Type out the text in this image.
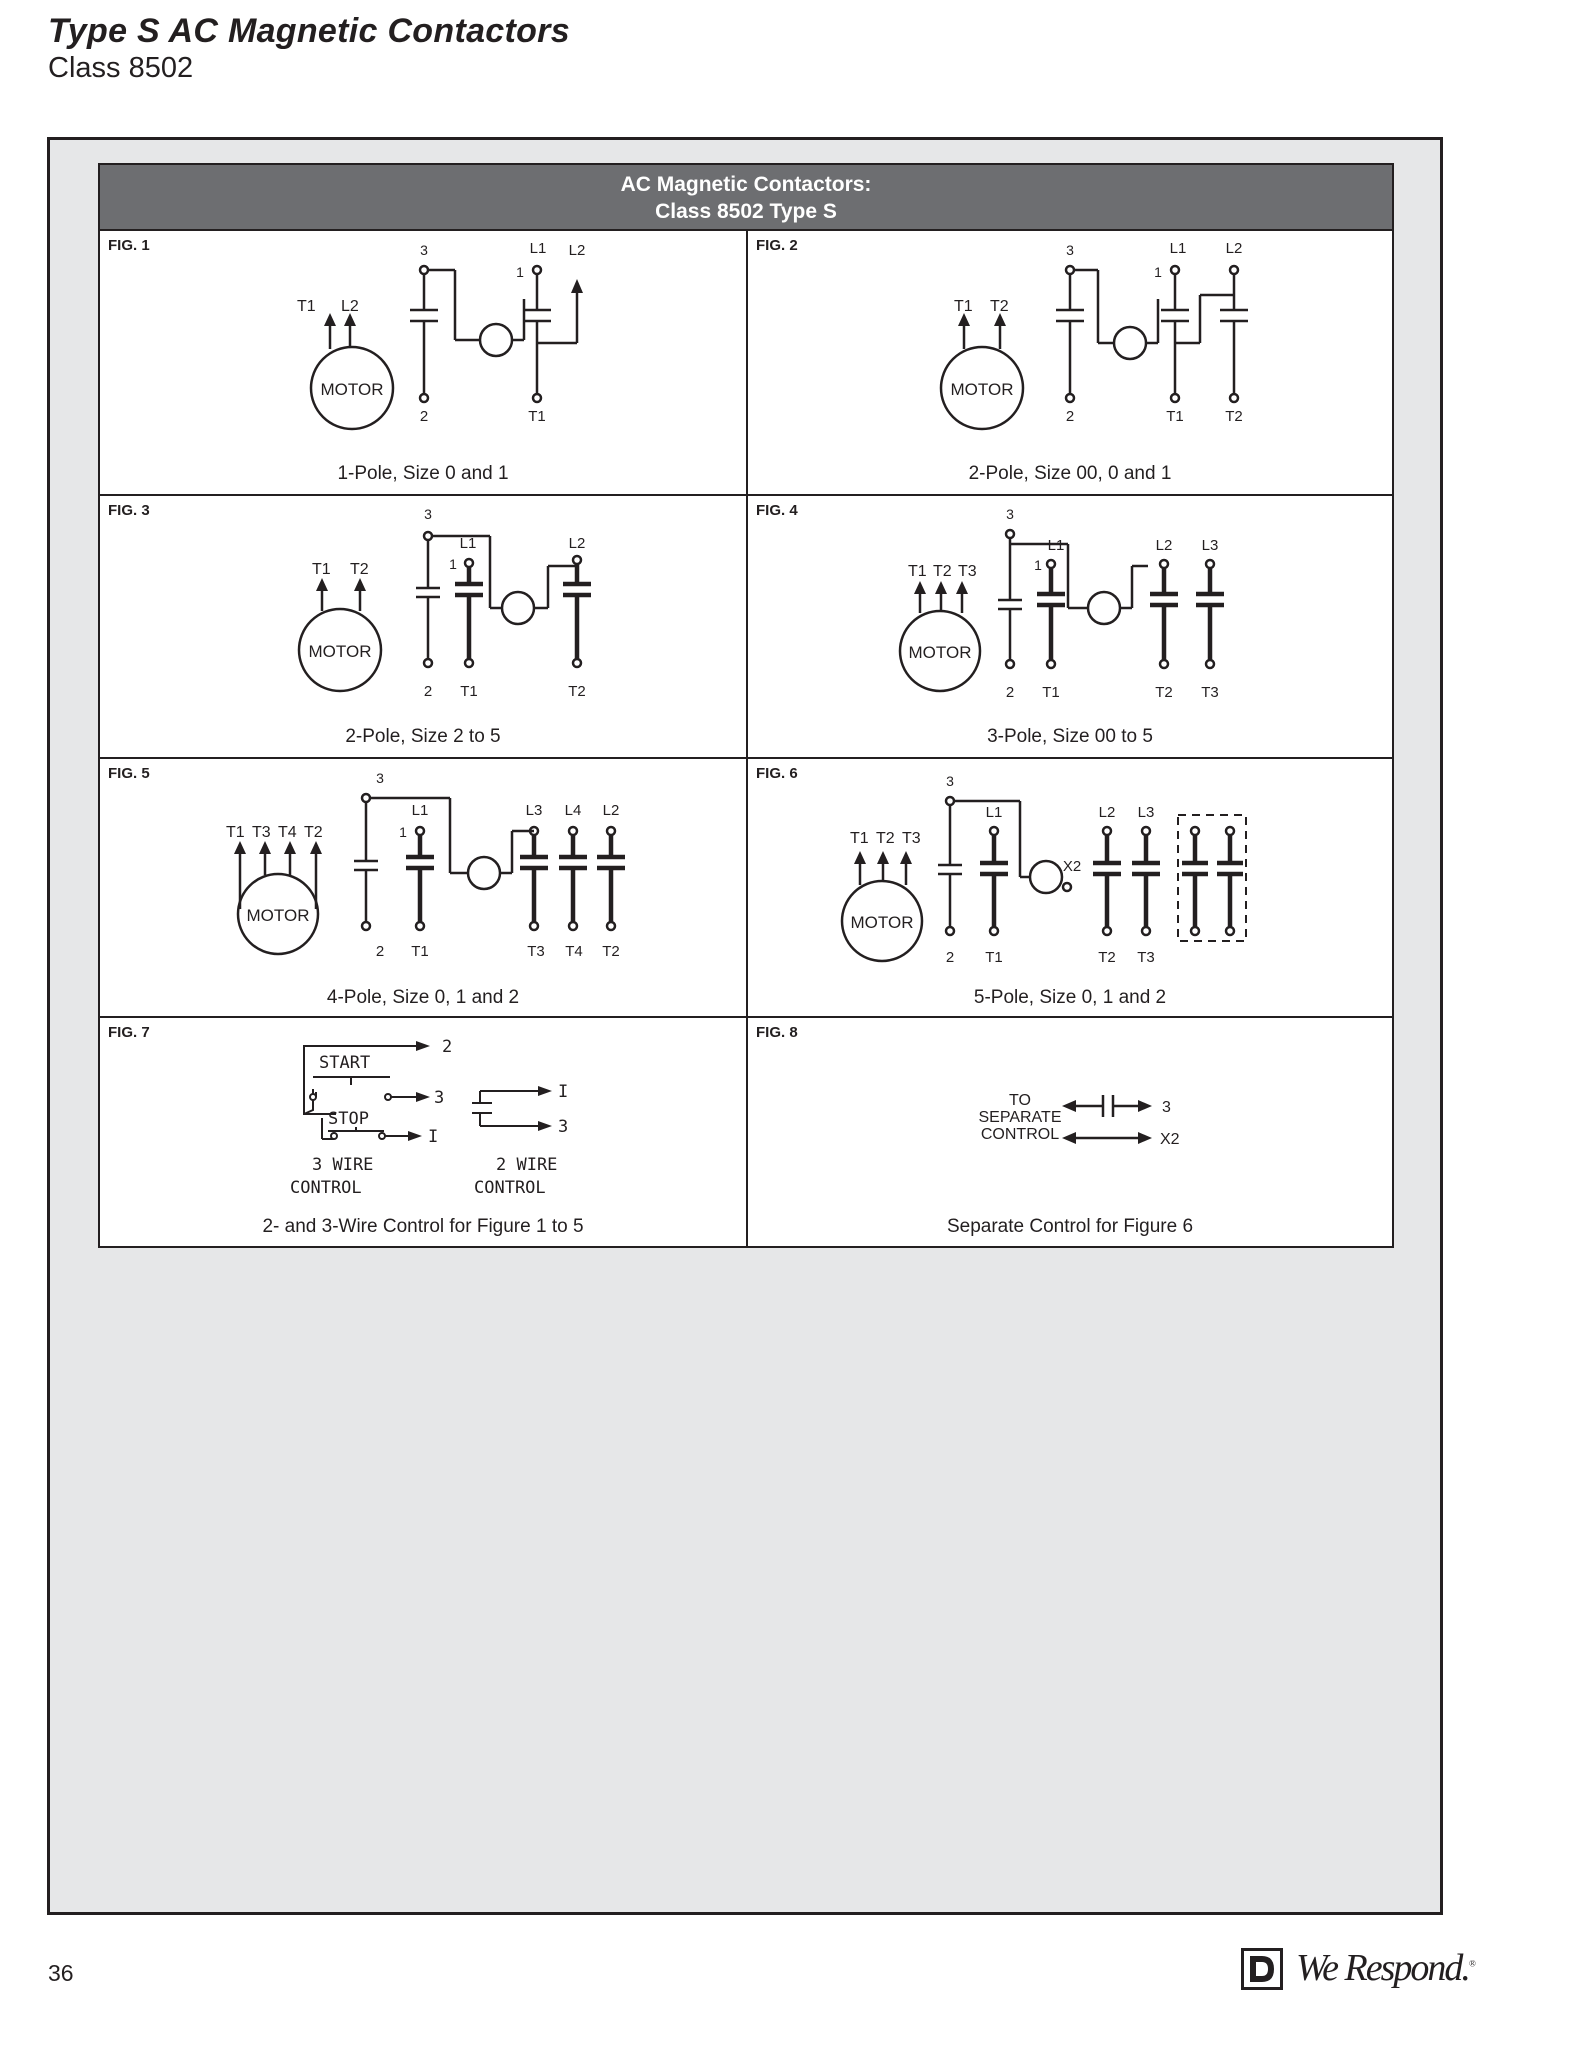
Type S AC Magnetic Contactors
Class 8502
AC Magnetic Contactors:
Class 8502 Type S
FIG. 1
MOTOR
T1 L2
3	L1 L2
1
2	T1
1-Pole, Size 0 and 1
FIG. 2
MOTOR
T1 T2
3	L1	L2
1
2	T1	T2
2-Pole, Size 00, 0 and 1
FIG. 3
MOTOR
T1 T2
3
L1	L2
1
2 T1	T2
2-Pole, Size 2 to 5
FIG. 4
MOTOR
T1 T2 T3
3
L1	L2 L3
1
2 T1	T2 T3
3-Pole, Size 00 to 5
FIG. 5
MOTOR
T1 T3 T4 T2
3
L1	L3 L4 L2
1
2 T1	T3 T4 T2
4-Pole, Size 0, 1 and 2
FIG. 6
MOTOR
T1 T2 T3
3
L1	L2 L3
X2
2 T1	T2 T3
5-Pole, Size 0, 1 and 2
FIG. 7
2
START
3
STOP
I
3 WIRE
CONTROL
I
3
2 WIRE
CONTROL
2- and 3-Wire Control for Figure 1 to 5
FIG. 8
TO
SEPARATE
CONTROL
3
X2
Separate Control for Figure 6
36	We Respond.®
